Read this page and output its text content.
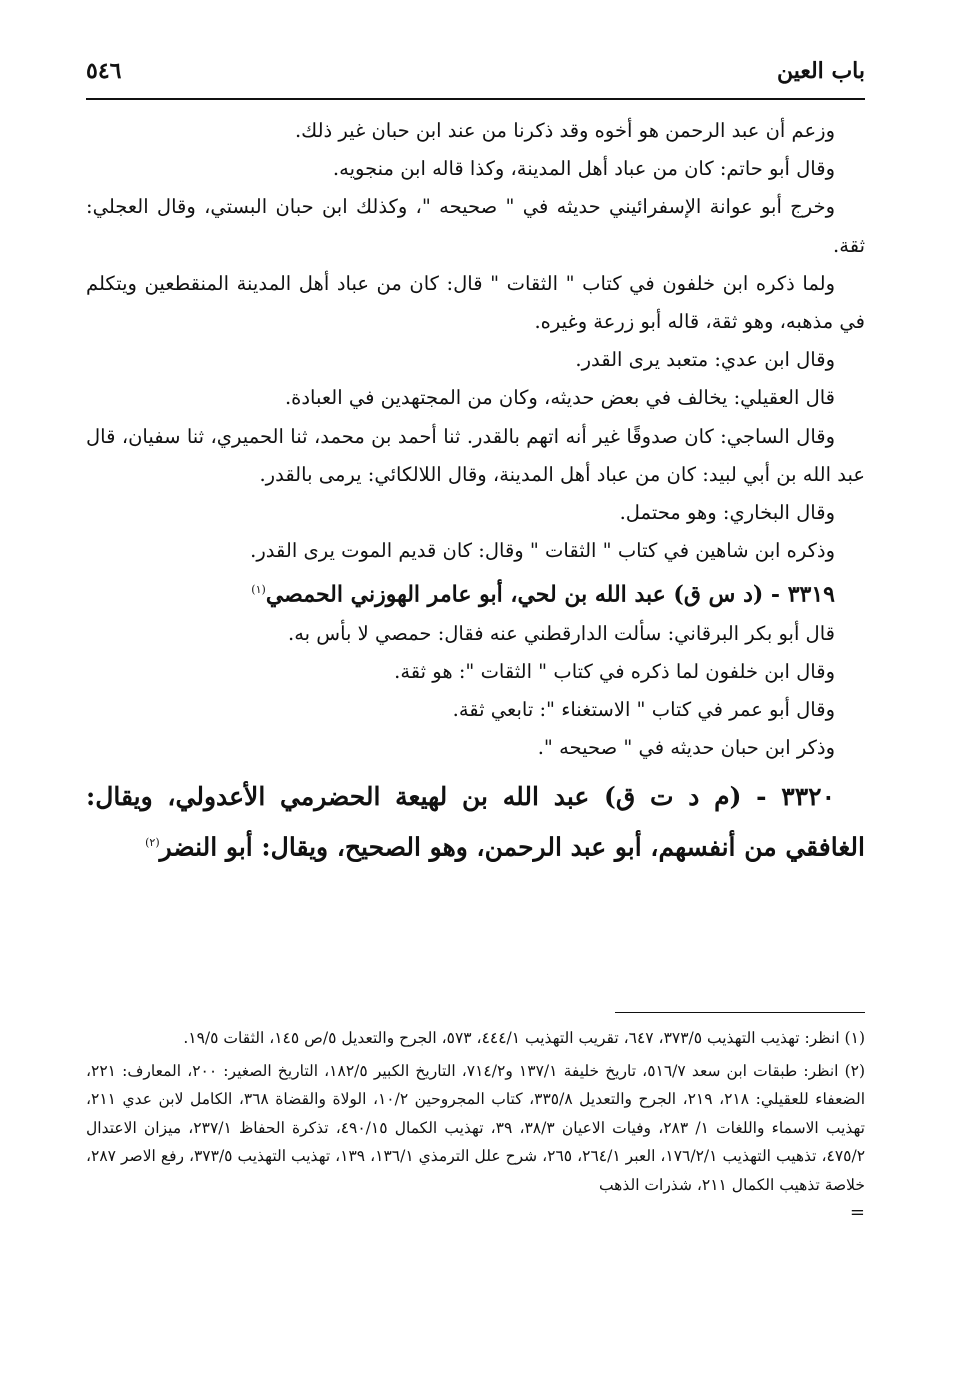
باب العين
٥٤٦

وزعم أن عبد الرحمن هو أخوه وقد ذكرنا من عند ابن حبان غير ذلك.

وقال أبو حاتم: كان من عباد أهل المدينة، وكذا قاله ابن منجويه.

وخرج أبو عوانة الإسفرائيني حديثه في " صحيحه "، وكذلك ابن حبان البستي، وقال العجلي: ثقة.

ولما ذكره ابن خلفون في كتاب " الثقات " قال: كان من عباد أهل المدينة المنقطعين ويتكلم في مذهبه، وهو ثقة، قاله أبو زرعة وغيره.

وقال ابن عدي: متعبد يرى القدر.

قال العقيلي: يخالف في بعض حديثه، وكان من المجتهدين في العبادة.

وقال الساجي: كان صدوقًا غير أنه اتهم بالقدر. ثنا أحمد بن محمد، ثنا الحميري، ثنا سفيان، قال عبد الله بن أبي لبيد: كان من عباد أهل المدينة، وقال اللالكائي: يرمى بالقدر.

وقال البخاري: وهو محتمل.

وذكره ابن شاهين في كتاب " الثقات " وقال: كان قديم الموت يرى القدر.

٣٣١٩ - (د س ق) عبد الله بن لحي، أبو عامر الهوزني الحمصي$^{(١)}$

قال أبو بكر البرقاني: سألت الدارقطني عنه فقال: حمصي لا بأس به.

وقال ابن خلفون لما ذكره في كتاب " الثقات ": هو ثقة.

وقال أبو عمر في كتاب " الاستغناء ": تابعي ثقة.

وذكر ابن حبان حديثه في " صحيحه ".

٣٣٢٠ - (م د ت ق) عبد الله بن لهيعة الحضرمي الأعدولي، ويقال: الغافقي من أنفسهم، أبو عبد الرحمن، وهو الصحيح، ويقال: أبو النضر$^{(٢)}$

(١) انظر: تهذيب التهذيب ٣٧٣/٥، ٦٤٧، تقريب التهذيب ٤٤٤/١، ٥٧٣، الجرح والتعديل ٥/ص ١٤٥، الثقات ١٩/٥.

(٢) انظر: طبقات ابن سعد ٥١٦/٧، تاريخ خليفة ١٣٧/١ و٧١٤/٢، التاريخ الكبير ١٨٢/٥، التاريخ الصغير: ٢٠٠، المعارف: ٢٢١، الضعفاء للعقيلي: ٢١٨، ٢١٩، الجرح والتعديل ٣٣٥/٨، كتاب المجروحين ١٠/٢، الولاة والقضاة ٣٦٨، الكامل لابن عدي ٢١١، تهذيب الاسماء واللغات ١/ ٢٨٣، وفيات الاعيان ٣٨/٣، ٣٩، تهذيب الكمال ٤٩٠/١٥، تذكرة الحفاظ ٢٣٧/١، ميزان الاعتدال ٤٧٥/٢، تذهيب التهذيب ١٧٦/٢/١، العبر ٢٦٤/١، ٢٦٥، شرح علل الترمذي ١٣٦/١، ١٣٩، تهذيب التهذيب ٣٧٣/٥، رفع الاصر ٢٨٧، خلاصة تذهيب الكمال ٢١١، شذرات الذهب

=
